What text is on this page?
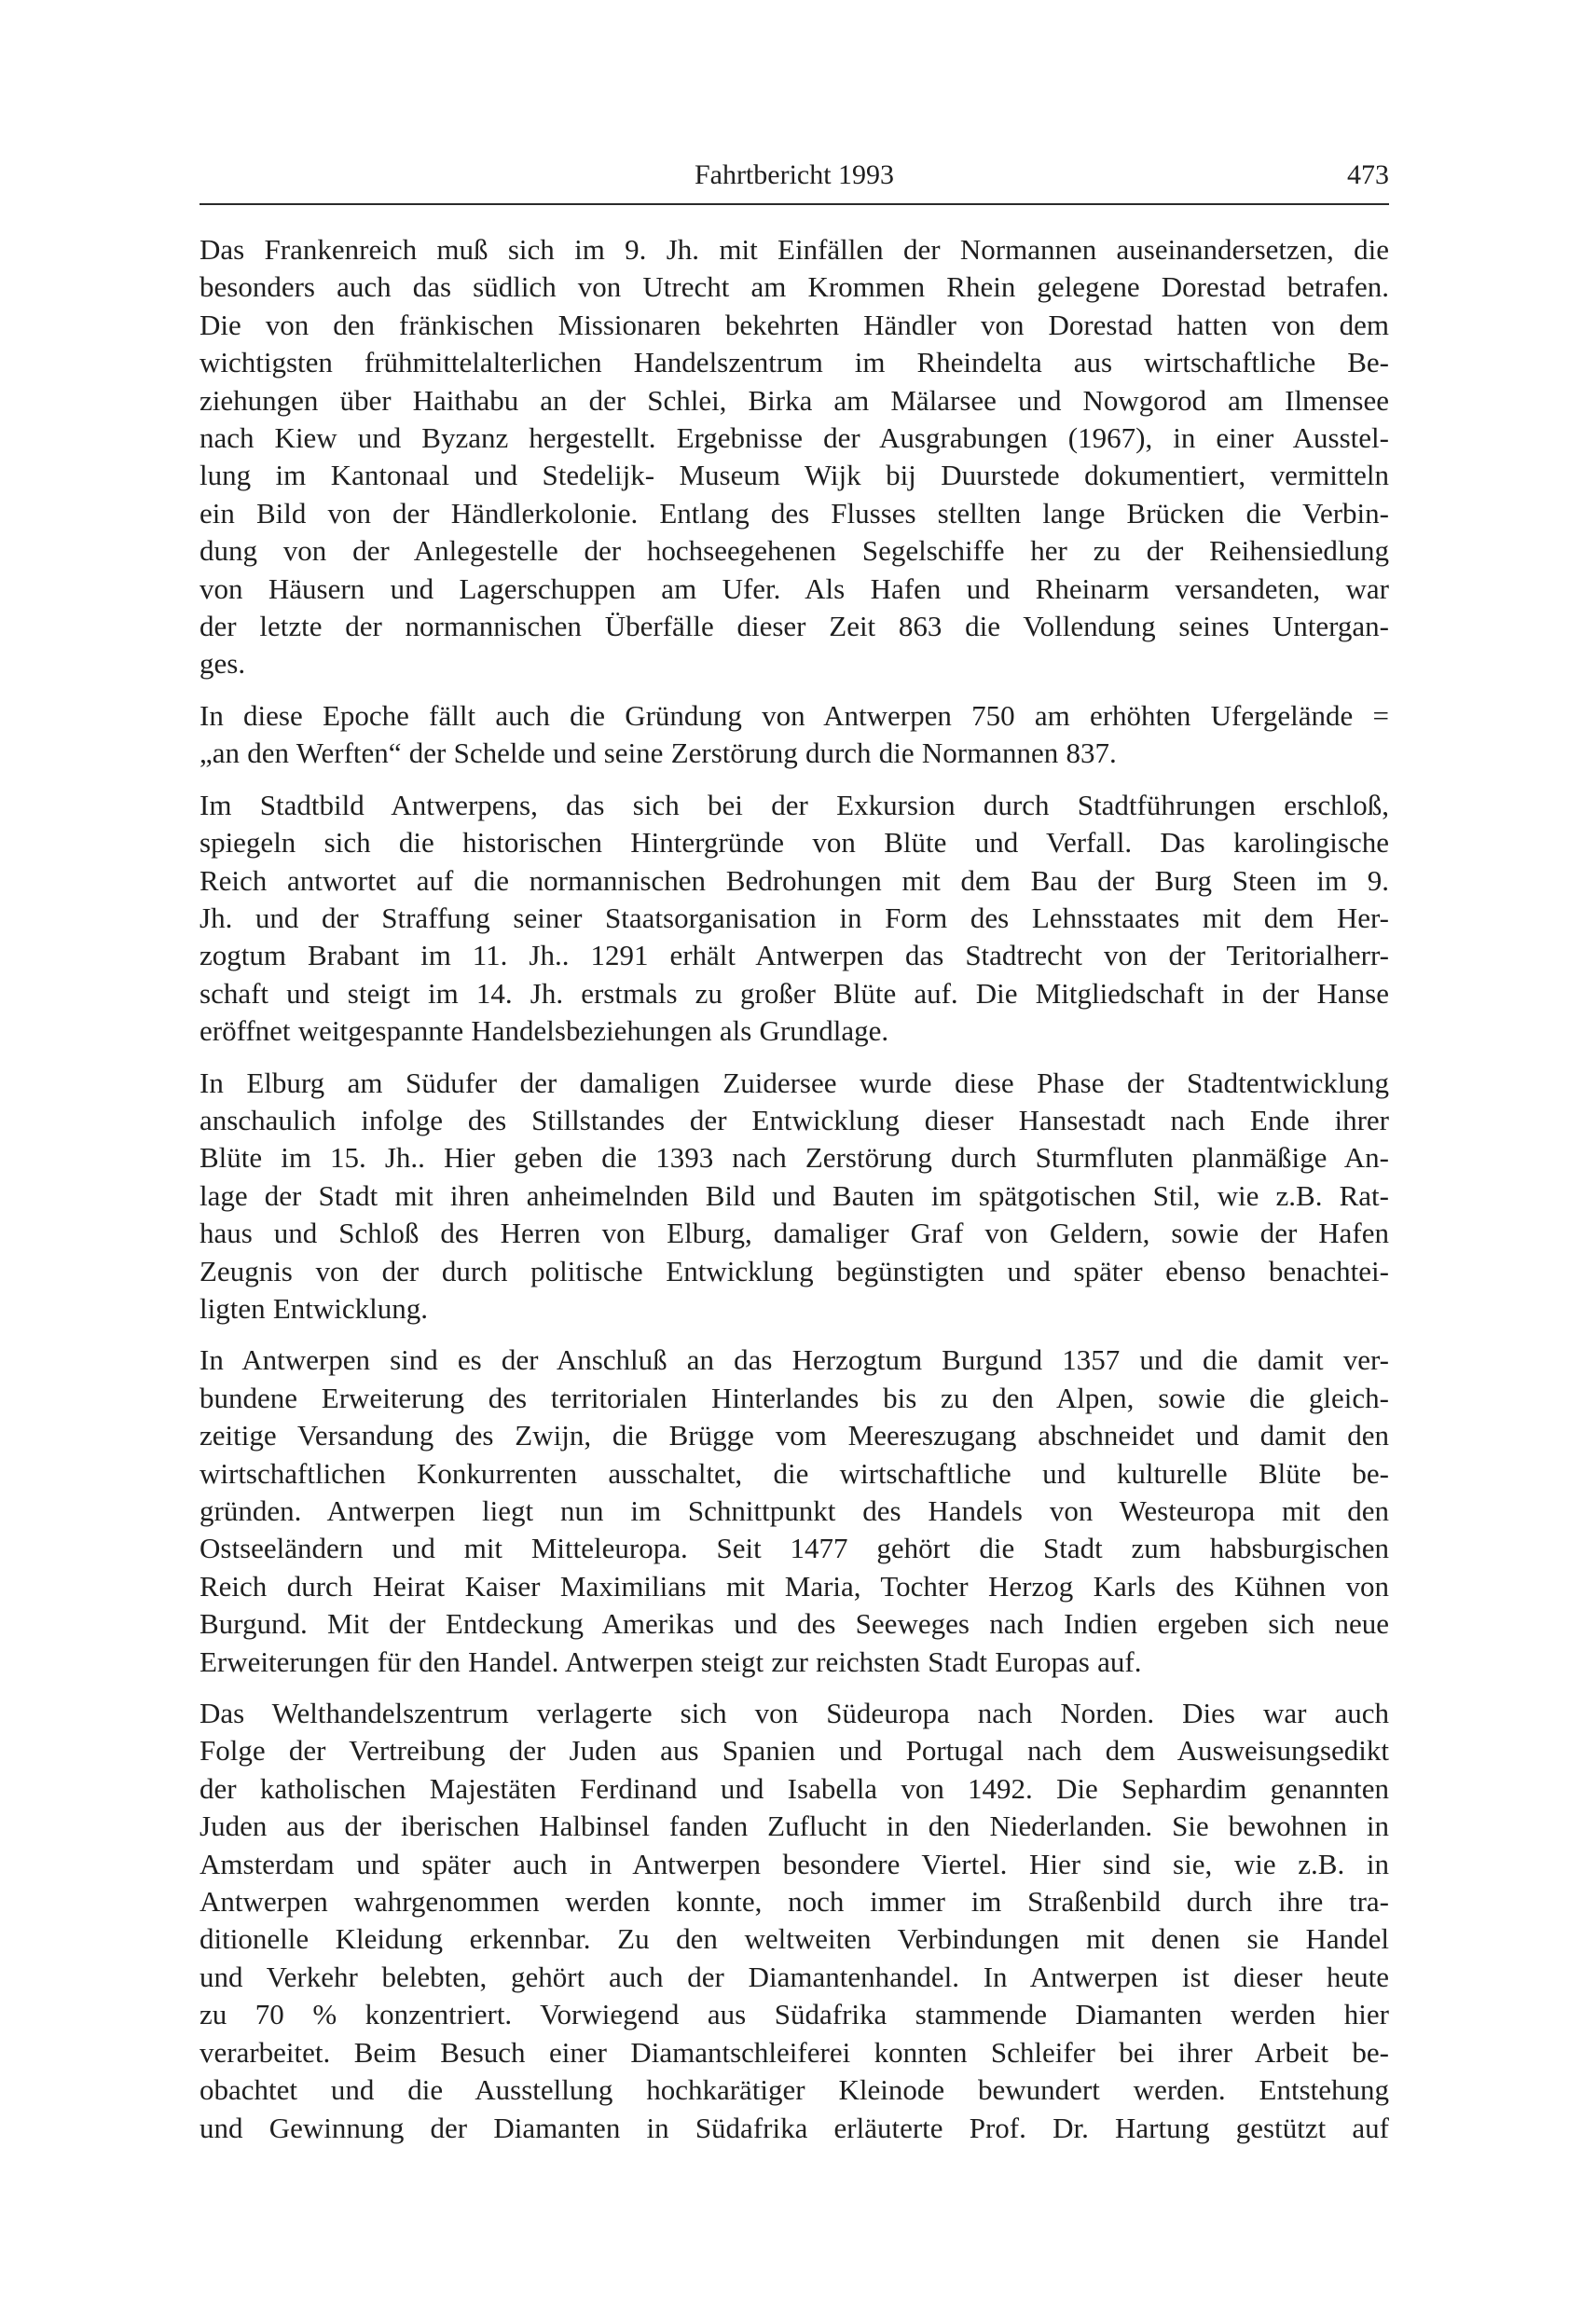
Fahrtbericht 1993	473

Das Frankenreich muß sich im 9. Jh. mit Einfällen der Normannen auseinandersetzen, die
besonders auch das südlich von Utrecht am Krommen Rhein gelegene Dorestad betrafen.
Die von den fränkischen Missionaren bekehrten Händler von Dorestad hatten von dem
wichtigsten frühmittelalterlichen Handelszentrum im Rheindelta aus wirtschaftliche Be-
ziehungen über Haithabu an der Schlei, Birka am Mälarsee und Nowgorod am Ilmensee
nach Kiew und Byzanz hergestellt. Ergebnisse der Ausgrabungen (1967), in einer Ausstel-
lung im Kantonaal und Stedelijk- Museum Wijk bij Duurstede dokumentiert, vermitteln
ein Bild von der Händlerkolonie. Entlang des Flusses stellten lange Brücken die Verbin-
dung von der Anlegestelle der hochseegehenen Segelschiffe her zu der Reihensiedlung
von Häusern und Lagerschuppen am Ufer. Als Hafen und Rheinarm versandeten, war
der letzte der normannischen Überfälle dieser Zeit 863 die Vollendung seines Untergan-
ges.

In diese Epoche fällt auch die Gründung von Antwerpen 750 am erhöhten Ufergelände =
„an den Werften“ der Schelde und seine Zerstörung durch die Normannen 837.

Im Stadtbild Antwerpens, das sich bei der Exkursion durch Stadtführungen erschloß,
spiegeln sich die historischen Hintergründe von Blüte und Verfall. Das karolingische
Reich antwortet auf die normannischen Bedrohungen mit dem Bau der Burg Steen im 9.
Jh. und der Straffung seiner Staatsorganisation in Form des Lehnsstaates mit dem Her-
zogtum Brabant im 11. Jh.. 1291 erhält Antwerpen das Stadtrecht von der Teritorialherr-
schaft und steigt im 14. Jh. erstmals zu großer Blüte auf. Die Mitgliedschaft in der Hanse
eröffnet weitgespannte Handelsbeziehungen als Grundlage.

In Elburg am Südufer der damaligen Zuidersee wurde diese Phase der Stadtentwicklung
anschaulich infolge des Stillstandes der Entwicklung dieser Hansestadt nach Ende ihrer
Blüte im 15. Jh.. Hier geben die 1393 nach Zerstörung durch Sturmfluten planmäßige An-
lage der Stadt mit ihren anheimelnden Bild und Bauten im spätgotischen Stil, wie z.B. Rat-
haus und Schloß des Herren von Elburg, damaliger Graf von Geldern, sowie der Hafen
Zeugnis von der durch politische Entwicklung begünstigten und später ebenso benachtei-
ligten Entwicklung.

In Antwerpen sind es der Anschluß an das Herzogtum Burgund 1357 und die damit ver-
bundene Erweiterung des territorialen Hinterlandes bis zu den Alpen, sowie die gleich-
zeitige Versandung des Zwijn, die Brügge vom Meereszugang abschneidet und damit den
wirtschaftlichen Konkurrenten ausschaltet, die wirtschaftliche und kulturelle Blüte be-
gründen. Antwerpen liegt nun im Schnittpunkt des Handels von Westeuropa mit den
Ostseeländern und mit Mitteleuropa. Seit 1477 gehört die Stadt zum habsburgischen
Reich durch Heirat Kaiser Maximilians mit Maria, Tochter Herzog Karls des Kühnen von
Burgund. Mit der Entdeckung Amerikas und des Seeweges nach Indien ergeben sich neue
Erweiterungen für den Handel. Antwerpen steigt zur reichsten Stadt Europas auf.

Das Welthandelszentrum verlagerte sich von Südeuropa nach Norden. Dies war auch
Folge der Vertreibung der Juden aus Spanien und Portugal nach dem Ausweisungsedikt
der katholischen Majestäten Ferdinand und Isabella von 1492. Die Sephardim genannten
Juden aus der iberischen Halbinsel fanden Zuflucht in den Niederlanden. Sie bewohnen in
Amsterdam und später auch in Antwerpen besondere Viertel. Hier sind sie, wie z.B. in
Antwerpen wahrgenommen werden konnte, noch immer im Straßenbild durch ihre tra-
ditionelle Kleidung erkennbar. Zu den weltweiten Verbindungen mit denen sie Handel
und Verkehr belebten, gehört auch der Diamantenhandel. In Antwerpen ist dieser heute
zu 70 % konzentriert. Vorwiegend aus Südafrika stammende Diamanten werden hier
verarbeitet. Beim Besuch einer Diamantschleiferei konnten Schleifer bei ihrer Arbeit be-
obachtet und die Ausstellung hochkarätiger Kleinode bewundert werden. Entstehung
und Gewinnung der Diamanten in Südafrika erläuterte Prof. Dr. Hartung gestützt auf
